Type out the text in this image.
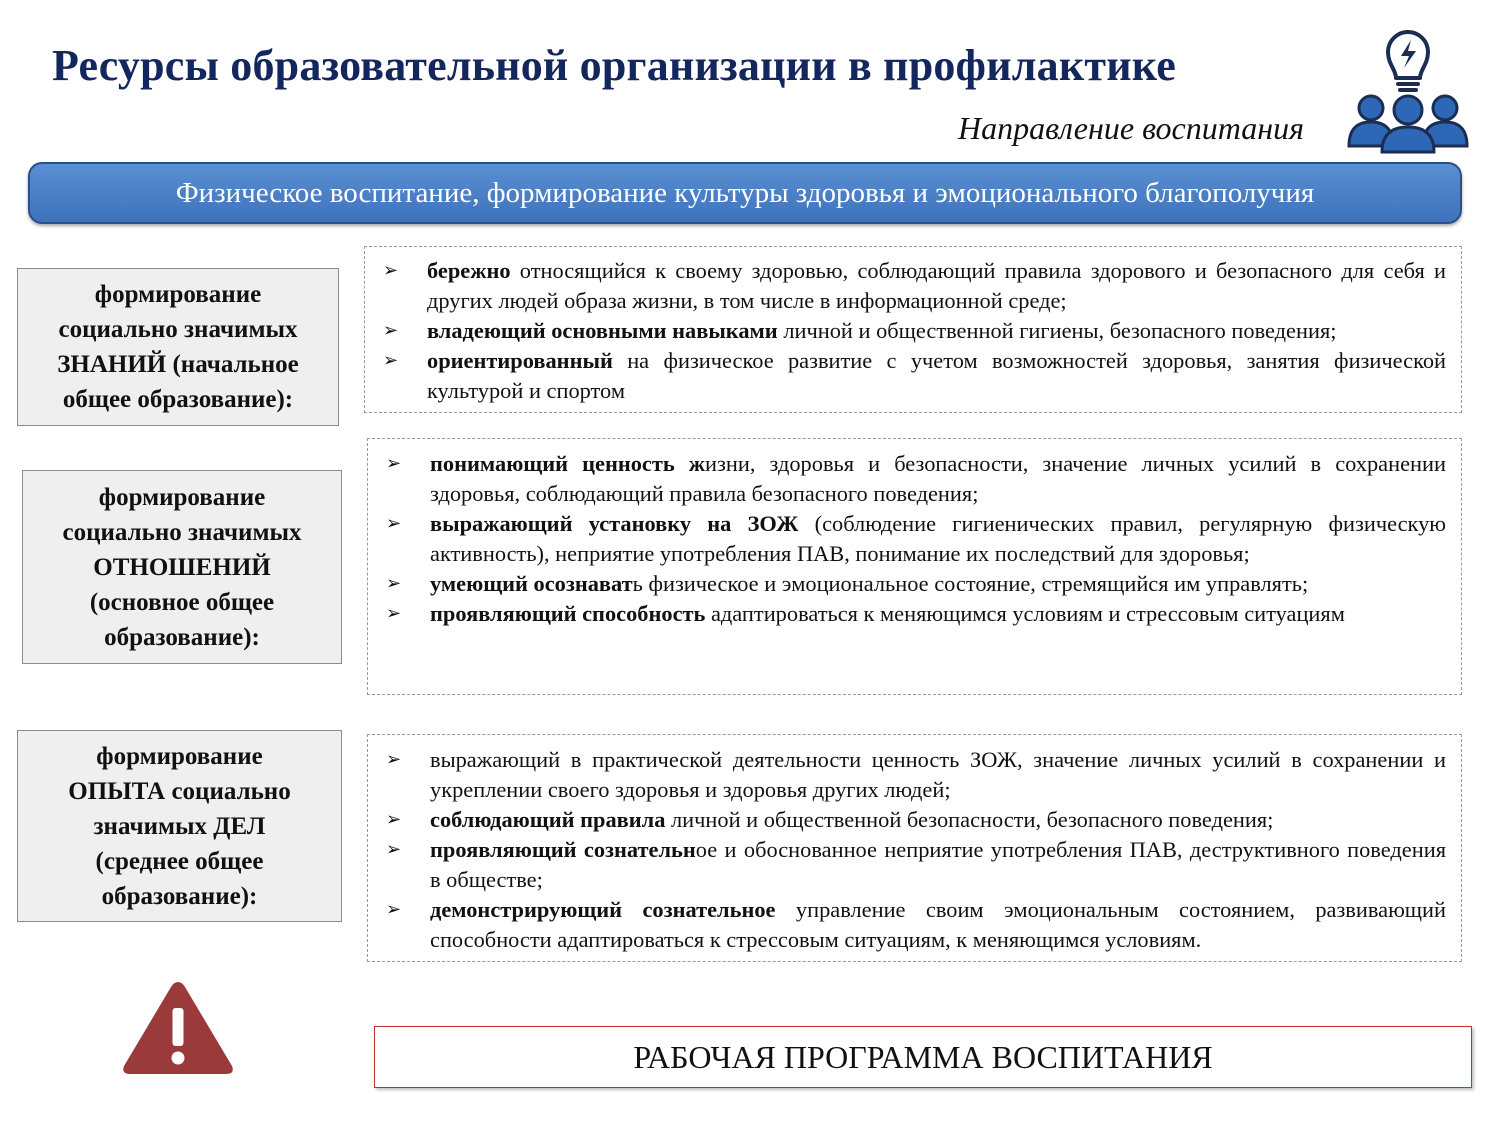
Ресурсы образовательной организации в профилактике
Направление воспитания
Физическое воспитание, формирование культуры здоровья и эмоционального благополучия
формирование
социально значимых
ЗНАНИЙ (начальное
общее образование):
➢ бережно относящийся к своему здоровью, соблюдающий правила здорового и безопасного для себя и других людей образа жизни, в том числе в информационной среде;
➢ владеющий основными навыками личной и общественной гигиены, безопасного поведения;
➢ ориентированный на физическое развитие с учетом возможностей здоровья, занятия физической культурой и спортом
формирование
социально значимых
ОТНОШЕНИЙ
(основное общее
образование):
➢ понимающий ценность жизни, здоровья и безопасности, значение личных усилий в сохранении здоровья, соблюдающий правила безопасного поведения;
➢ выражающий установку на ЗОЖ (соблюдение гигиенических правил, регулярную физическую активность), неприятие употребления ПАВ, понимание их последствий для здоровья;
➢ умеющий осознавать физическое и эмоциональное состояние, стремящийся им управлять;
➢ проявляющий способность адаптироваться к меняющимся условиям и стрессовым ситуациям
формирование
ОПЫТА социально
значимых ДЕЛ
(среднее общее
образование):
➢ выражающий в практической деятельности ценность ЗОЖ, значение личных усилий в сохранении и укреплении своего здоровья и здоровья других людей;
➢ соблюдающий правила личной и общественной безопасности, безопасного поведения;
➢ проявляющий сознательное и обоснованное неприятие употребления ПАВ, деструктивного поведения в обществе;
➢ демонстрирующий сознательное управление своим эмоциональным состоянием, развивающий способности адаптироваться к стрессовым ситуациям, к меняющимся условиям.
РАБОЧАЯ ПРОГРАММА ВОСПИТАНИЯ
